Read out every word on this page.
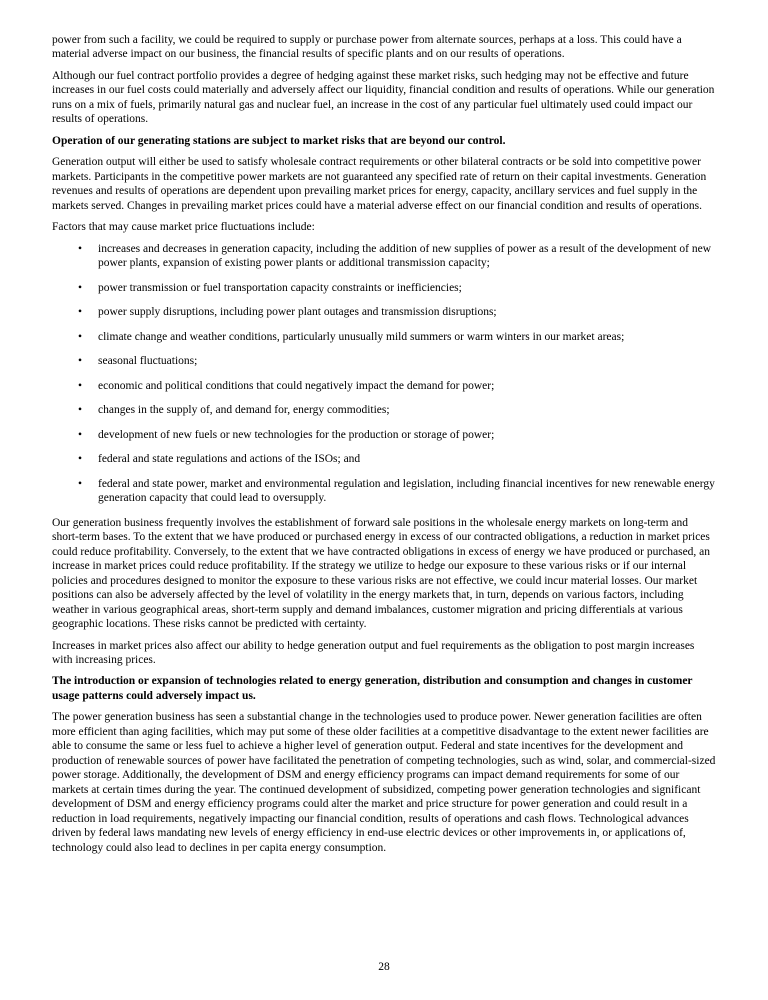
power from such a facility, we could be required to supply or purchase power from alternate sources, perhaps at a loss. This could have a material adverse impact on our business, the financial results of specific plants and on our results of operations.

Although our fuel contract portfolio provides a degree of hedging against these market risks, such hedging may not be effective and future increases in our fuel costs could materially and adversely affect our liquidity, financial condition and results of operations. While our generation runs on a mix of fuels, primarily natural gas and nuclear fuel, an increase in the cost of any particular fuel ultimately used could impact our results of operations.

Operation of our generating stations are subject to market risks that are beyond our control.

Generation output will either be used to satisfy wholesale contract requirements or other bilateral contracts or be sold into competitive power markets. Participants in the competitive power markets are not guaranteed any specified rate of return on their capital investments. Generation revenues and results of operations are dependent upon prevailing market prices for energy, capacity, ancillary services and fuel supply in the markets served. Changes in prevailing market prices could have a material adverse effect on our financial condition and results of operations.

Factors that may cause market price fluctuations include:

• increases and decreases in generation capacity, including the addition of new supplies of power as a result of the development of new power plants, expansion of existing power plants or additional transmission capacity;
• power transmission or fuel transportation capacity constraints or inefficiencies;
• power supply disruptions, including power plant outages and transmission disruptions;
• climate change and weather conditions, particularly unusually mild summers or warm winters in our market areas;
• seasonal fluctuations;
• economic and political conditions that could negatively impact the demand for power;
• changes in the supply of, and demand for, energy commodities;
• development of new fuels or new technologies for the production or storage of power;
• federal and state regulations and actions of the ISOs; and
• federal and state power, market and environmental regulation and legislation, including financial incentives for new renewable energy generation capacity that could lead to oversupply.

Our generation business frequently involves the establishment of forward sale positions in the wholesale energy markets on long-term and short-term bases. To the extent that we have produced or purchased energy in excess of our contracted obligations, a reduction in market prices could reduce profitability. Conversely, to the extent that we have contracted obligations in excess of energy we have produced or purchased, an increase in market prices could reduce profitability. If the strategy we utilize to hedge our exposure to these various risks or if our internal policies and procedures designed to monitor the exposure to these various risks are not effective, we could incur material losses. Our market positions can also be adversely affected by the level of volatility in the energy markets that, in turn, depends on various factors, including weather in various geographical areas, short-term supply and demand imbalances, customer migration and pricing differentials at various geographic locations. These risks cannot be predicted with certainty.

Increases in market prices also affect our ability to hedge generation output and fuel requirements as the obligation to post margin increases with increasing prices.

The introduction or expansion of technologies related to energy generation, distribution and consumption and changes in customer usage patterns could adversely impact us.

The power generation business has seen a substantial change in the technologies used to produce power. Newer generation facilities are often more efficient than aging facilities, which may put some of these older facilities at a competitive disadvantage to the extent newer facilities are able to consume the same or less fuel to achieve a higher level of generation output. Federal and state incentives for the development and production of renewable sources of power have facilitated the penetration of competing technologies, such as wind, solar, and commercial-sized power storage. Additionally, the development of DSM and energy efficiency programs can impact demand requirements for some of our markets at certain times during the year. The continued development of subsidized, competing power generation technologies and significant development of DSM and energy efficiency programs could alter the market and price structure for power generation and could result in a reduction in load requirements, negatively impacting our financial condition, results of operations and cash flows. Technological advances driven by federal laws mandating new levels of energy efficiency in end-use electric devices or other improvements in, or applications of, technology could also lead to declines in per capita energy consumption.

28
